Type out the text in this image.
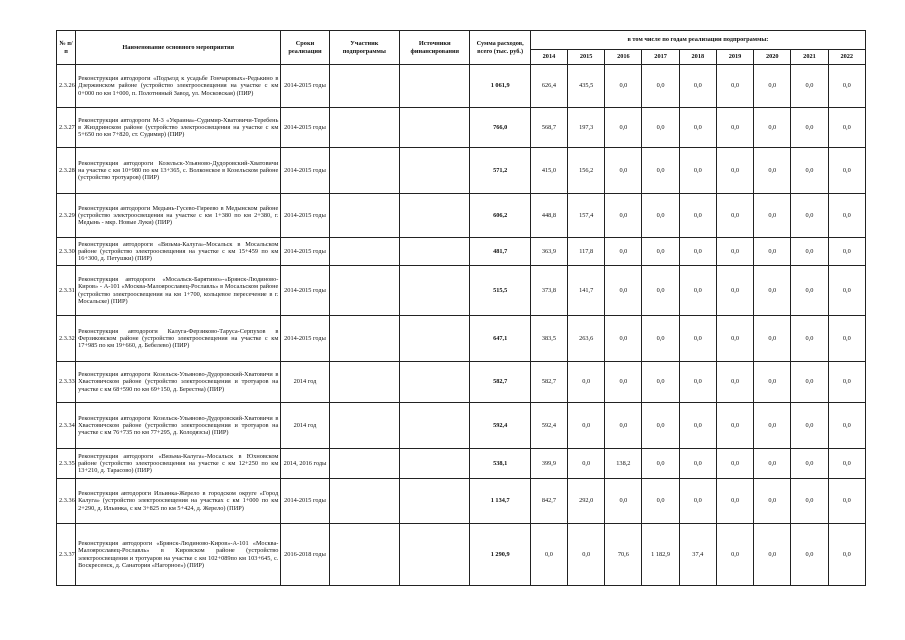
№ п/п	Наименование основного мероприятия	Сроки реализации	Участник подпрограммы	Источники финансирования	Сумма расходов, всего (тыс. руб.)	в том числе по годам реализации подпрограммы:								
						2014	2015	2016	2017	2018	2019	2020	2021	2022
2.3.26	Реконструкция автодороги «Подъезд к усадьбе Гончаровых»-Редькино в Дзержинском районе (устройство электроосвещения на участке с км 0+000 по км 1+000, п. Полотняный Завод, ул. Московская) (ПИР)	2014-2015 годы			1 061,9	626,4	435,5	0,0	0,0	0,0	0,0	0,0	0,0	0,0
2.3.27	Реконструкция автодороги М-3 «Украина»-Судимир-Хватовичи-Теребень в Жиздринском районе (устройство электроосвещения на участке с км 5+650 по км 7+820, ст. Судимир) (ПИР)	2014-2015 годы			766,0	568,7	197,3	0,0	0,0	0,0	0,0	0,0	0,0	0,0
2.3.28	Реконструкция автодороги Козельск-Ульяново-Дудоровский-Хватовичи на участке с км 10+980 по км 13+365, с. Волконское в Козельском районе (устройство тротуаров) (ПИР)	2014-2015 годы			571,2	415,0	156,2	0,0	0,0	0,0	0,0	0,0	0,0	0,0
2.3.29	Реконструкция автодороги Медынь-Гусево-Гиреево в Медынском районе (устройство электроосвещения на участке с км 1+380 по км 2+380, г. Медынь - мкр. Новые Луки) (ПИР)	2014-2015 годы			606,2	448,8	157,4	0,0	0,0	0,0	0,0	0,0	0,0	0,0
2.3.30	Реконструкция автодороги «Вязьма-Калуга»-Мосальск в Мосальском районе (устройство электроосвещения на участке с км 15+459 по км 16+300, д. Петушки) (ПИР)	2014-2015 годы			481,7	363,9	117,8	0,0	0,0	0,0	0,0	0,0	0,0	0,0
2.3.31	Реконструкция автодороги «Мосальск-Барятино»-«Брянск-Людиново-Киров» - А-101 «Москва-Малоярославец-Рославль» в Мосальском районе (устройство электроосвещения на км 1+700, кольцевое пересечение в г. Мосальске) (ПИР)	2014-2015 годы			515,5	373,8	141,7	0,0	0,0	0,0	0,0	0,0	0,0	0,0
2.3.32	Реконструкция автодороги Калуга-Ферзиково-Таруса-Серпухов в Ферзиковском районе (устройство электроосвещения на участке с км 17+985 по км 19+660, д. Бебелево) (ПИР)	2014-2015 годы			647,1	383,5	263,6	0,0	0,0	0,0	0,0	0,0	0,0	0,0
2.3.33	Реконструкция автодороги Козельск-Ульяново-Дудоровский-Хватовичи в Хвастовичском районе (устройство электроосвещения и тротуаров на участке с км 68+590 по км 69+150, д. Берестна) (ПИР)	2014 год			582,7	582,7	0,0	0,0	0,0	0,0	0,0	0,0	0,0	0,0
2.3.34	Реконструкция автодороги Козельск-Ульяново-Дудоровский-Хватовичи в Хвастовичском районе (устройство электроосвещения и тротуаров на участке с км 76+735 по км 77+295, д. Колодязсы) (ПИР)	2014 год			592,4	592,4	0,0	0,0	0,0	0,0	0,0	0,0	0,0	0,0
2.3.35	Реконструкция автодороги «Вязьма-Калуга»-Мосальск в Юхновском районе (устройство электроосвещения на участке с км 12+250 по км 13+210, д. Тарасово) (ПИР)	2014, 2016 годы			538,1	399,9	0,0	138,2	0,0	0,0	0,0	0,0	0,0	0,0
2.3.36	Реконструкция автодороги Ильинка-Жерело в городском округе «Город Калуга» (устройство электроосвещения на участках с км 1+000 по км 2+290, д. Ильинка, с км 3+825 по км 5+424, д. Жерело) (ПИР)	2014-2015 годы			1 134,7	842,7	292,0	0,0	0,0	0,0	0,0	0,0	0,0	0,0
2.3.37	Реконструкция автодороги «Брянск-Людиново-Киров»-А-101 «Москва-Малоярославец-Рославль» в Кировском районе (устройство электроосвещения и тротуаров на участке с км 102+089по км 103+645, с. Воскресенск, д. Санатория «Нагорное») (ПИР)	2016-2018 годы			1 290,9	0,0	0,0	70,6	1 182,9	37,4	0,0	0,0	0,0	0,0
